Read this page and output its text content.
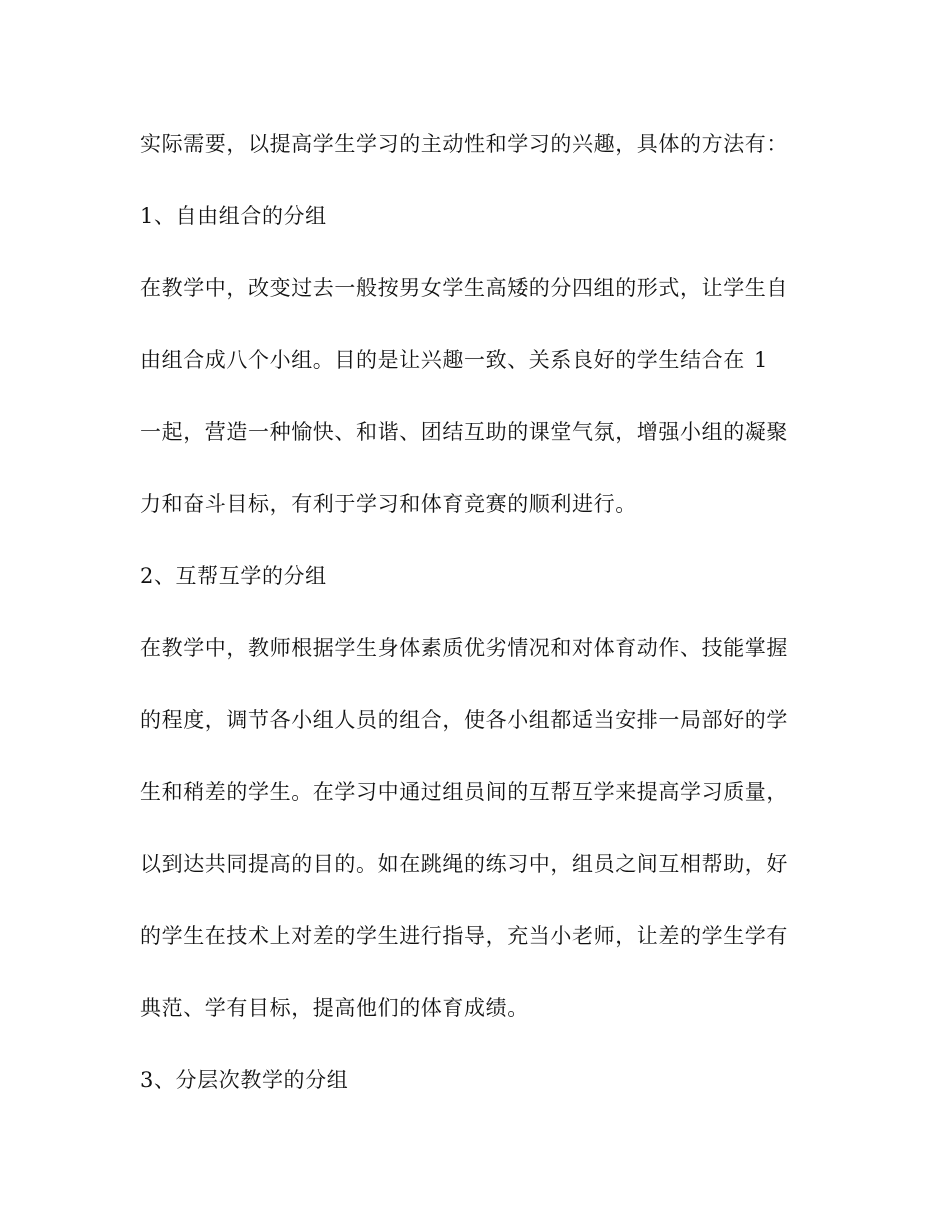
实际需要，以提高学生学习的主动性和学习的兴趣，具体的方法有：
1、自由组合的分组
在教学中，改变过去一般按男女学生高矮的分四组的形式，让学生自
由组合成八个小组。目的是让兴趣一致、关系良好的学生结合在 1
一起，营造一种愉快、和谐、团结互助的课堂气氛，增强小组的凝聚
力和奋斗目标，有利于学习和体育竞赛的顺利进行。
2、互帮互学的分组
在教学中，教师根据学生身体素质优劣情况和对体育动作、技能掌握
的程度，调节各小组人员的组合，使各小组都适当安排一局部好的学
生和稍差的学生。在学习中通过组员间的互帮互学来提高学习质量，
以到达共同提高的目的。如在跳绳的练习中，组员之间互相帮助，好
的学生在技术上对差的学生进行指导，充当小老师，让差的学生学有
典范、学有目标，提高他们的体育成绩。
3、分层次教学的分组
